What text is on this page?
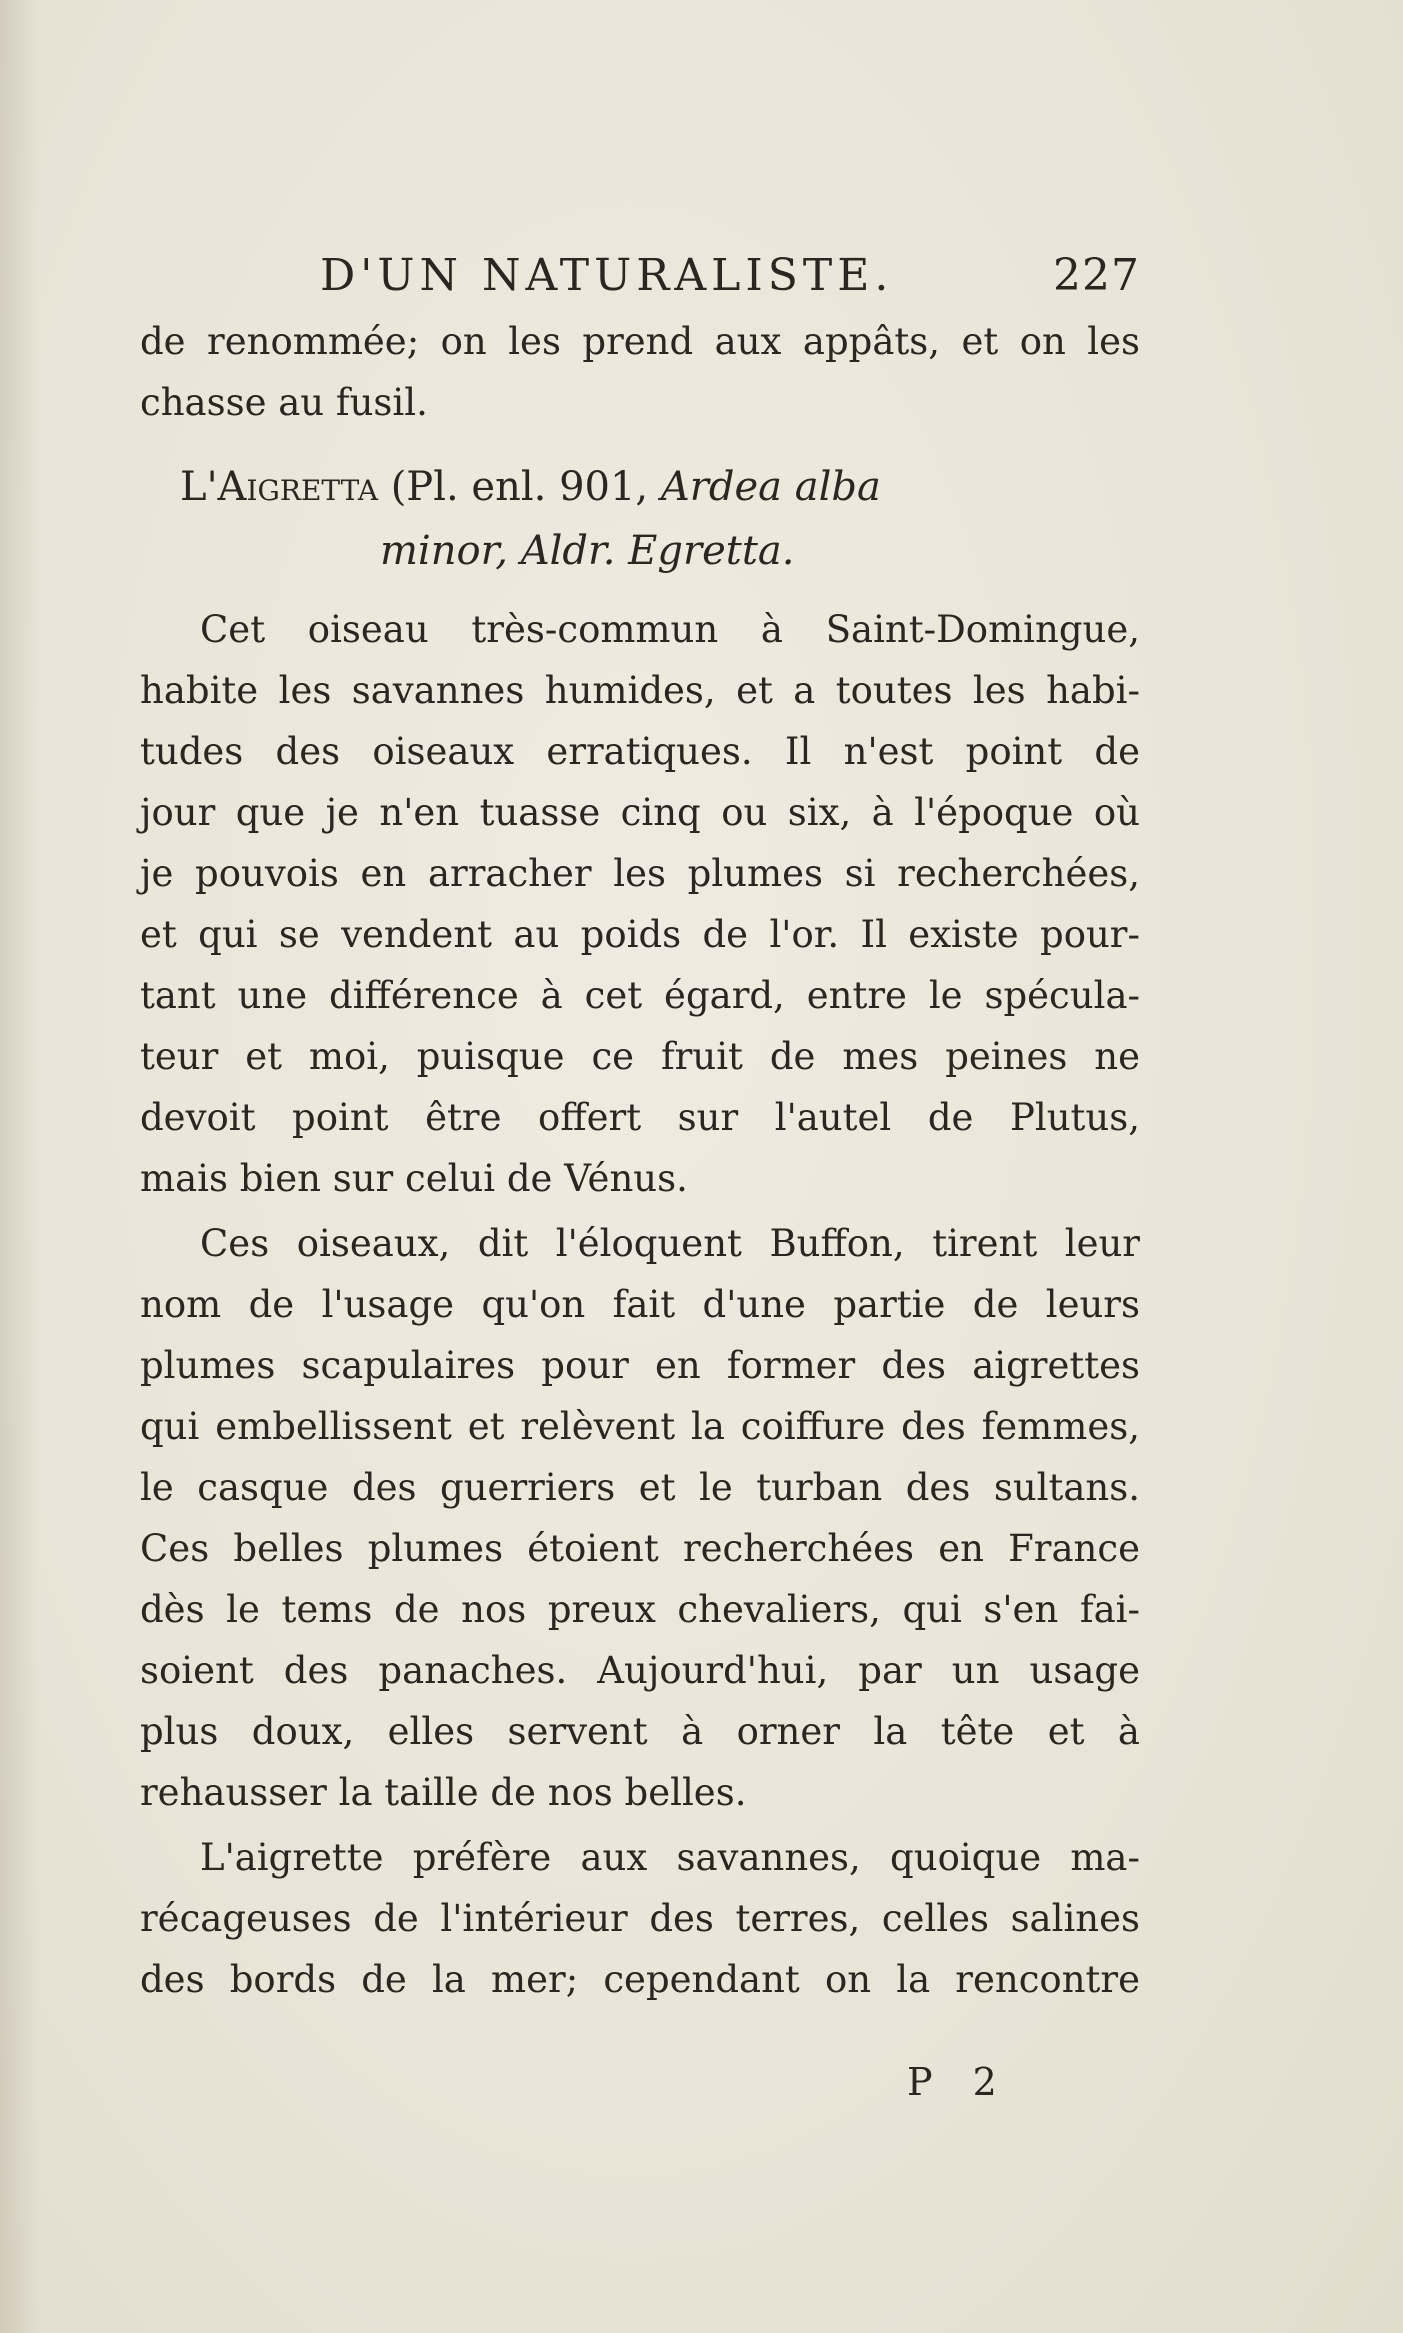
D'UN NATURALISTE.	227

de renommée; on les prend aux appâts, et on les

chasse au fusil.

L'Aigretta (Pl. enl. 901, Ardea alba
minor, Aldr. Egretta.

Cet oiseau très-commun à Saint-Domingue,

habite les savannes humides, et a toutes les habi-

tudes des oiseaux erratiques. Il n'est point de

jour que je n'en tuasse cinq ou six, à l'époque où

je pouvois en arracher les plumes si recherchées,

et qui se vendent au poids de l'or. Il existe pour-

tant une différence à cet égard, entre le spécula-

teur et moi, puisque ce fruit de mes peines ne

devoit point être offert sur l'autel de Plutus,

mais bien sur celui de Vénus.

Ces oiseaux, dit l'éloquent Buffon, tirent leur

nom de l'usage qu'on fait d'une partie de leurs

plumes scapulaires pour en former des aigrettes

qui embellissent et relèvent la coiffure des femmes,

le casque des guerriers et le turban des sultans.

Ces belles plumes étoient recherchées en France

dès le tems de nos preux chevaliers, qui s'en fai-

soient des panaches. Aujourd'hui, par un usage

plus doux, elles servent à orner la tête et à

rehausser la taille de nos belles.

L'aigrette préfère aux savannes, quoique ma-

récageuses de l'intérieur des terres, celles salines

des bords de la mer; cependant on la rencontre

P 2
